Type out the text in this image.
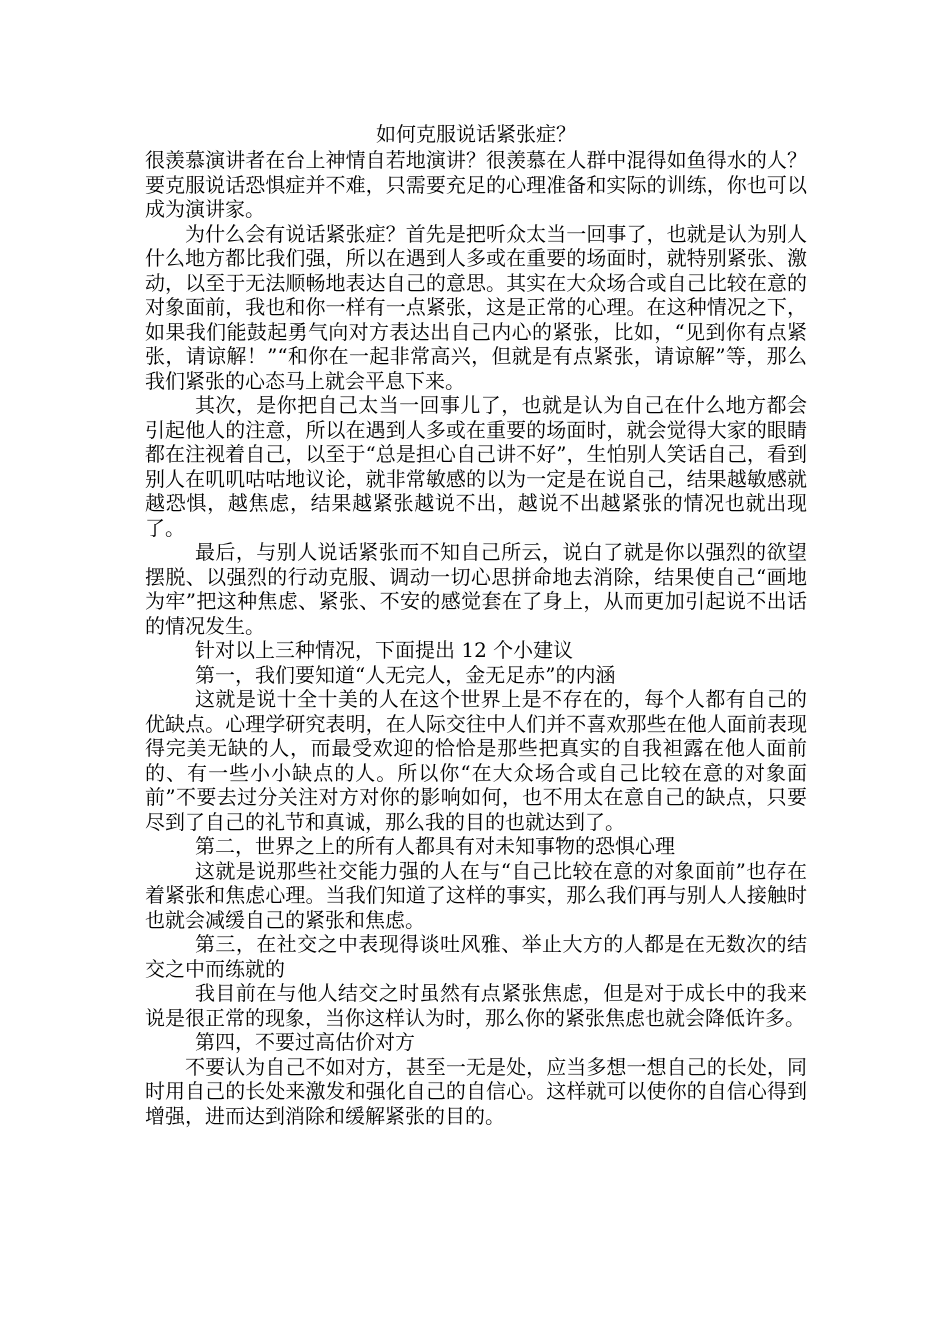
如何克服说话紧张症？

很羡慕演讲者在台上神情自若地演讲？很羡慕在人群中混得如鱼得水的人？要克服说话恐惧症并不难，只需要充足的心理准备和实际的训练，你也可以成为演讲家。

为什么会有说话紧张症？首先是把听众太当一回事了，也就是认为别人什么地方都比我们强，所以在遇到人多或在重要的场面时，就特别紧张、激动，以至于无法顺畅地表达自己的意思。其实在大众场合或自己比较在意的对象面前，我也和你一样有一点紧张，这是正常的心理。在这种情况之下，如果我们能鼓起勇气向对方表达出自己内心的紧张，比如，“见到你有点紧张，请谅解！”“和你在一起非常高兴，但就是有点紧张，请谅解”等，那么我们紧张的心态马上就会平息下来。

其次，是你把自己太当一回事儿了，也就是认为自己在什么地方都会引起他人的注意，所以在遇到人多或在重要的场面时，就会觉得大家的眼睛都在注视着自己，以至于“总是担心自己讲不好”，生怕别人笑话自己，看到别人在叽叽咕咕地议论，就非常敏感的以为一定是在说自己，结果越敏感就越恐惧，越焦虑，结果越紧张越说不出，越说不出越紧张的情况也就出现了。

最后，与别人说话紧张而不知自己所云，说白了就是你以强烈的欲望摆脱、以强烈的行动克服、调动一切心思拼命地去消除，结果使自己“画地为牢”把这种焦虑、紧张、不安的感觉套在了身上，从而更加引起说不出话的情况发生。

针对以上三种情况，下面提出 12 个小建议

第一，我们要知道“人无完人，金无足赤”的内涵

这就是说十全十美的人在这个世界上是不存在的，每个人都有自己的优缺点。心理学研究表明，在人际交往中人们并不喜欢那些在他人面前表现得完美无缺的人，而最受欢迎的恰恰是那些把真实的自我袒露在他人面前的、有一些小小缺点的人。所以你“在大众场合或自己比较在意的对象面前”不要去过分关注对方对你的影响如何，也不用太在意自己的缺点，只要尽到了自己的礼节和真诚，那么我的目的也就达到了。

第二，世界之上的所有人都具有对未知事物的恐惧心理

这就是说那些社交能力强的人在与“自己比较在意的对象面前”也存在着紧张和焦虑心理。当我们知道了这样的事实，那么我们再与别人人接触时也就会减缓自己的紧张和焦虑。

第三，在社交之中表现得谈吐风雅、举止大方的人都是在无数次的结交之中而练就的

我目前在与他人结交之时虽然有点紧张焦虑，但是对于成长中的我来说是很正常的现象，当你这样认为时，那么你的紧张焦虑也就会降低许多。

第四，不要过高估价对方

不要认为自己不如对方，甚至一无是处，应当多想一想自己的长处，同时用自己的长处来激发和强化自己的自信心。这样就可以使你的自信心得到增强，进而达到消除和缓解紧张的目的。
